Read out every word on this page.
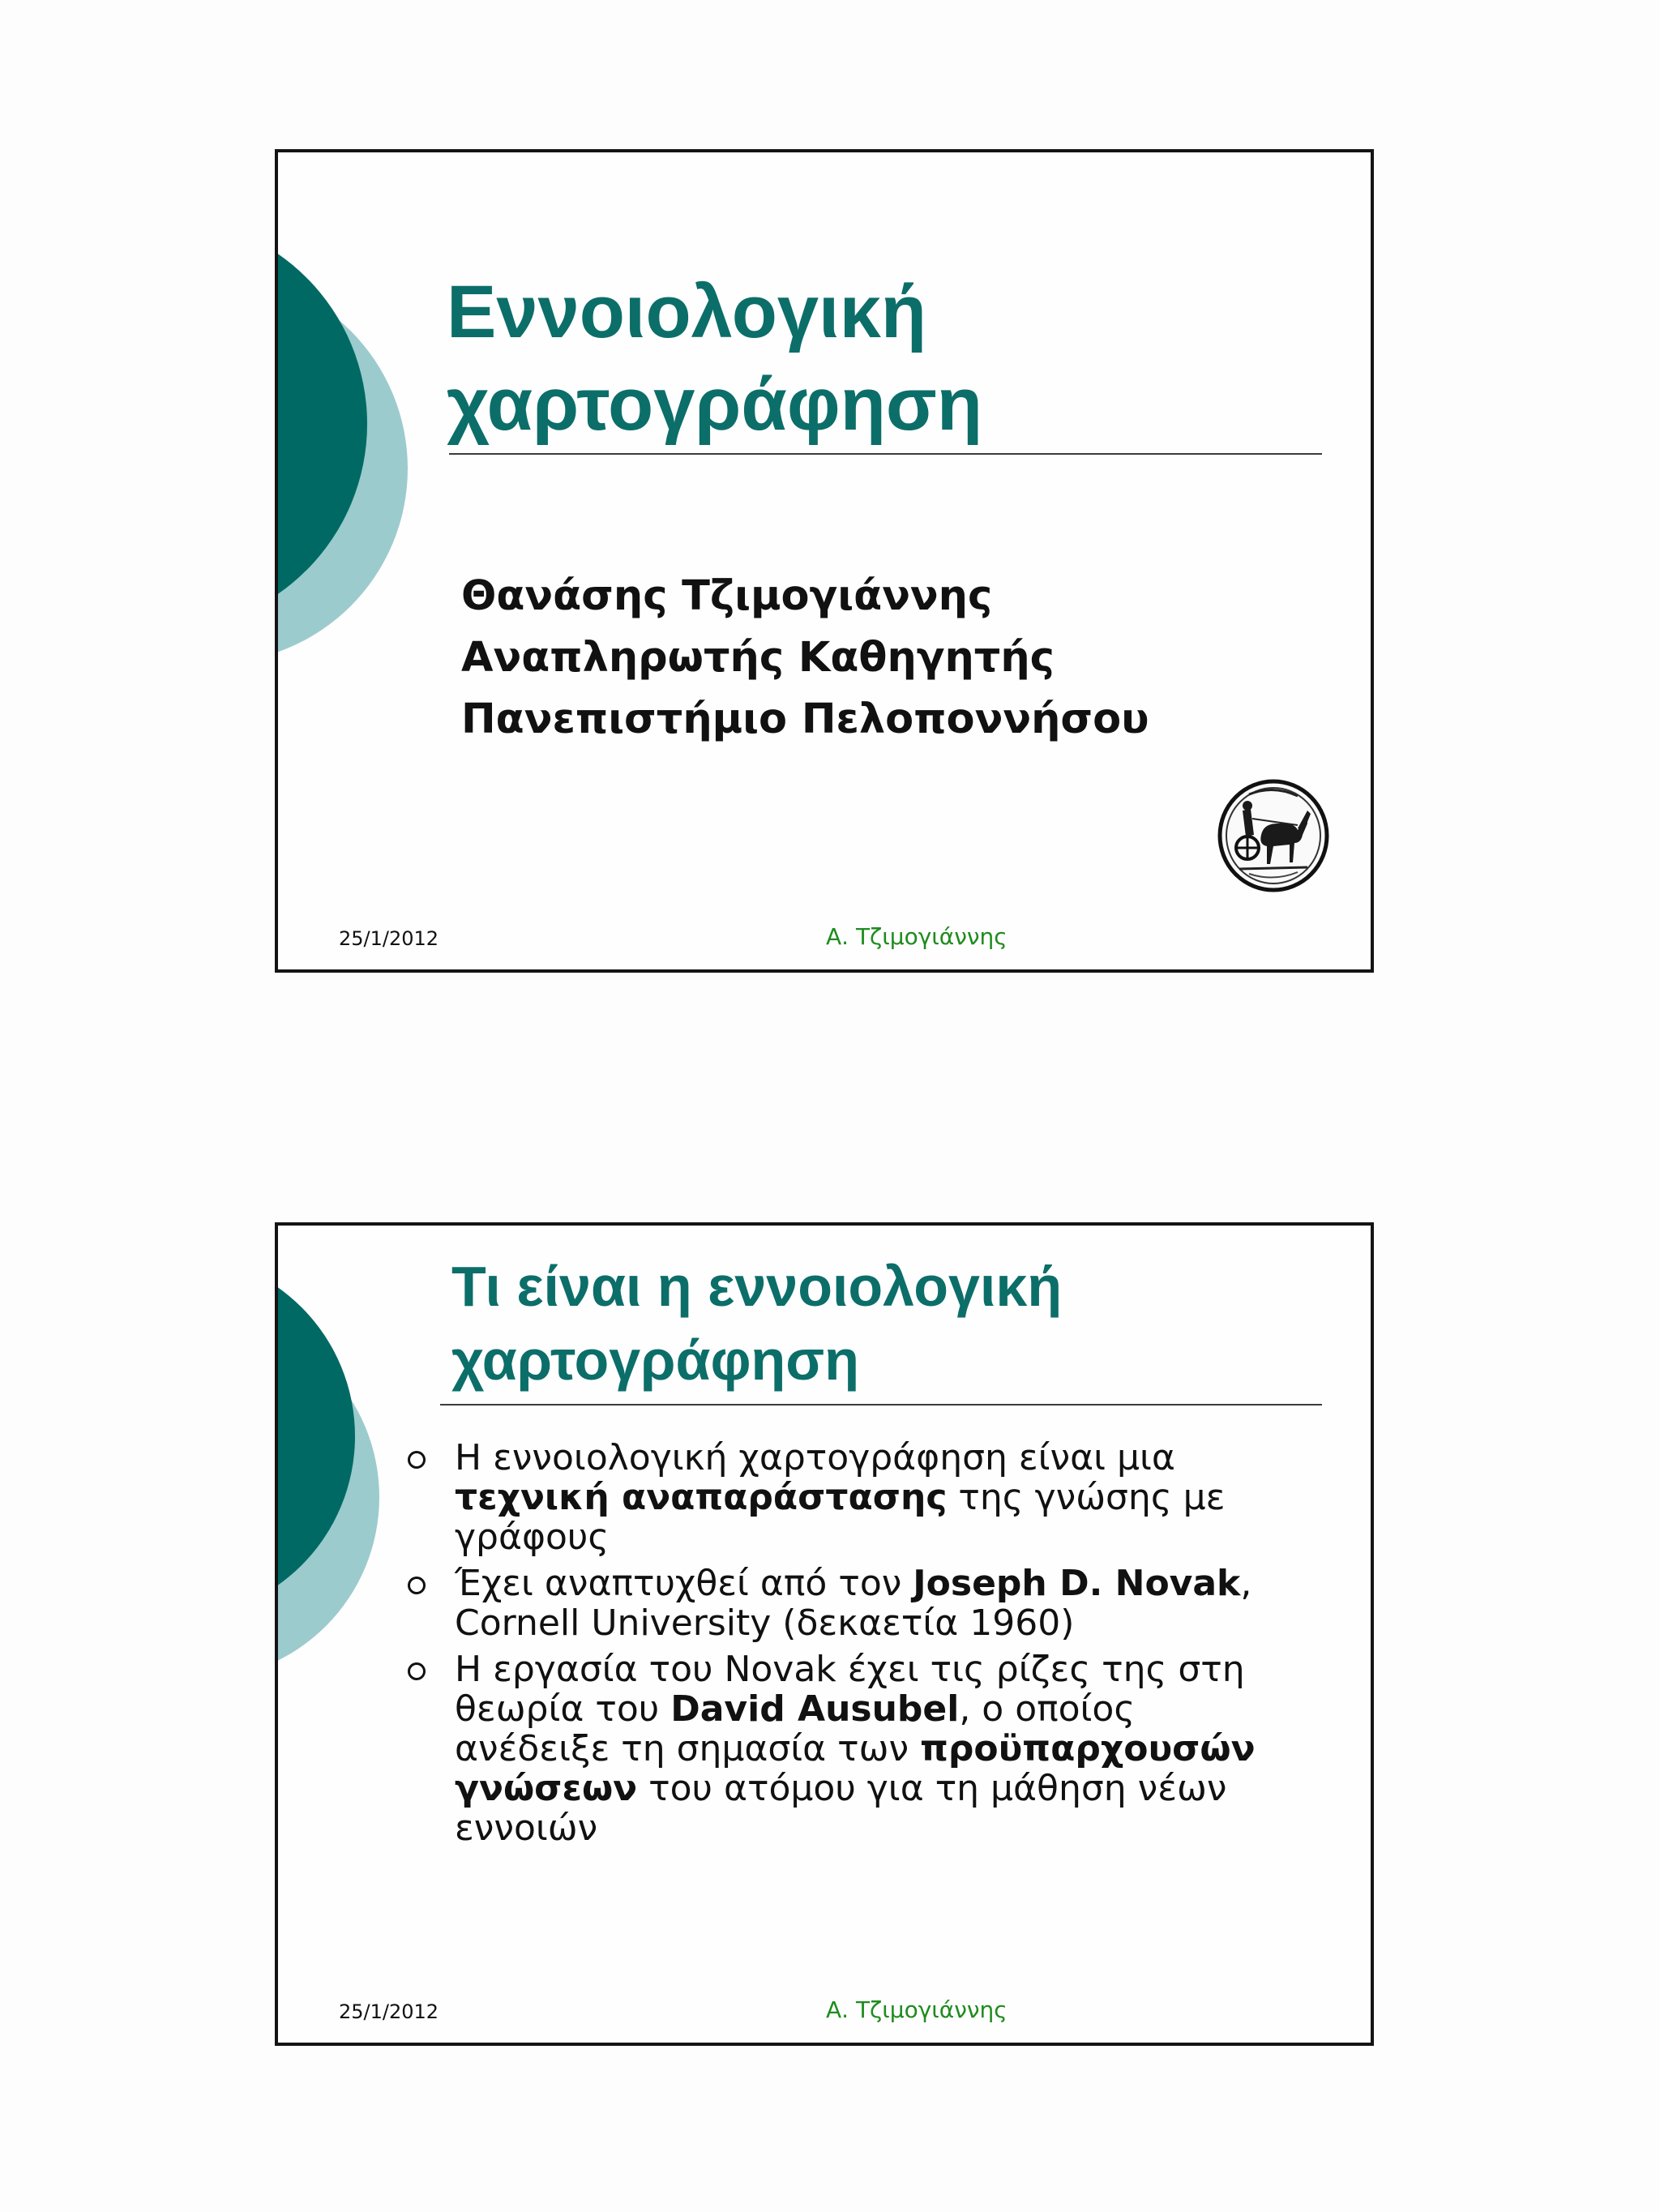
Εννοιολογική
χαρτογράφηση
Θανάσης Τζιμογιάννης
Αναπληρωτής Καθηγητής
Πανεπιστήμιο Πελοποννήσου
25/1/2012	Α. Τζιμογιάννης
Τι είναι η εννοιολογική
χαρτογράφηση
Η εννοιολογική χαρτογράφηση είναι μια
τεχνική αναπαράστασης της γνώσης με
γράφους
Έχει αναπτυχθεί από τον Joseph D. Novak,
Cornell University (δεκαετία 1960)
Η εργασία του Novak έχει τις ρίζες της στη
θεωρία του David Ausubel, ο οποίος
ανέδειξε τη σημασία των προϋπαρχουσών
γνώσεων του ατόμου για τη μάθηση νέων
εννοιών
25/1/2012	Α. Τζιμογιάννης
